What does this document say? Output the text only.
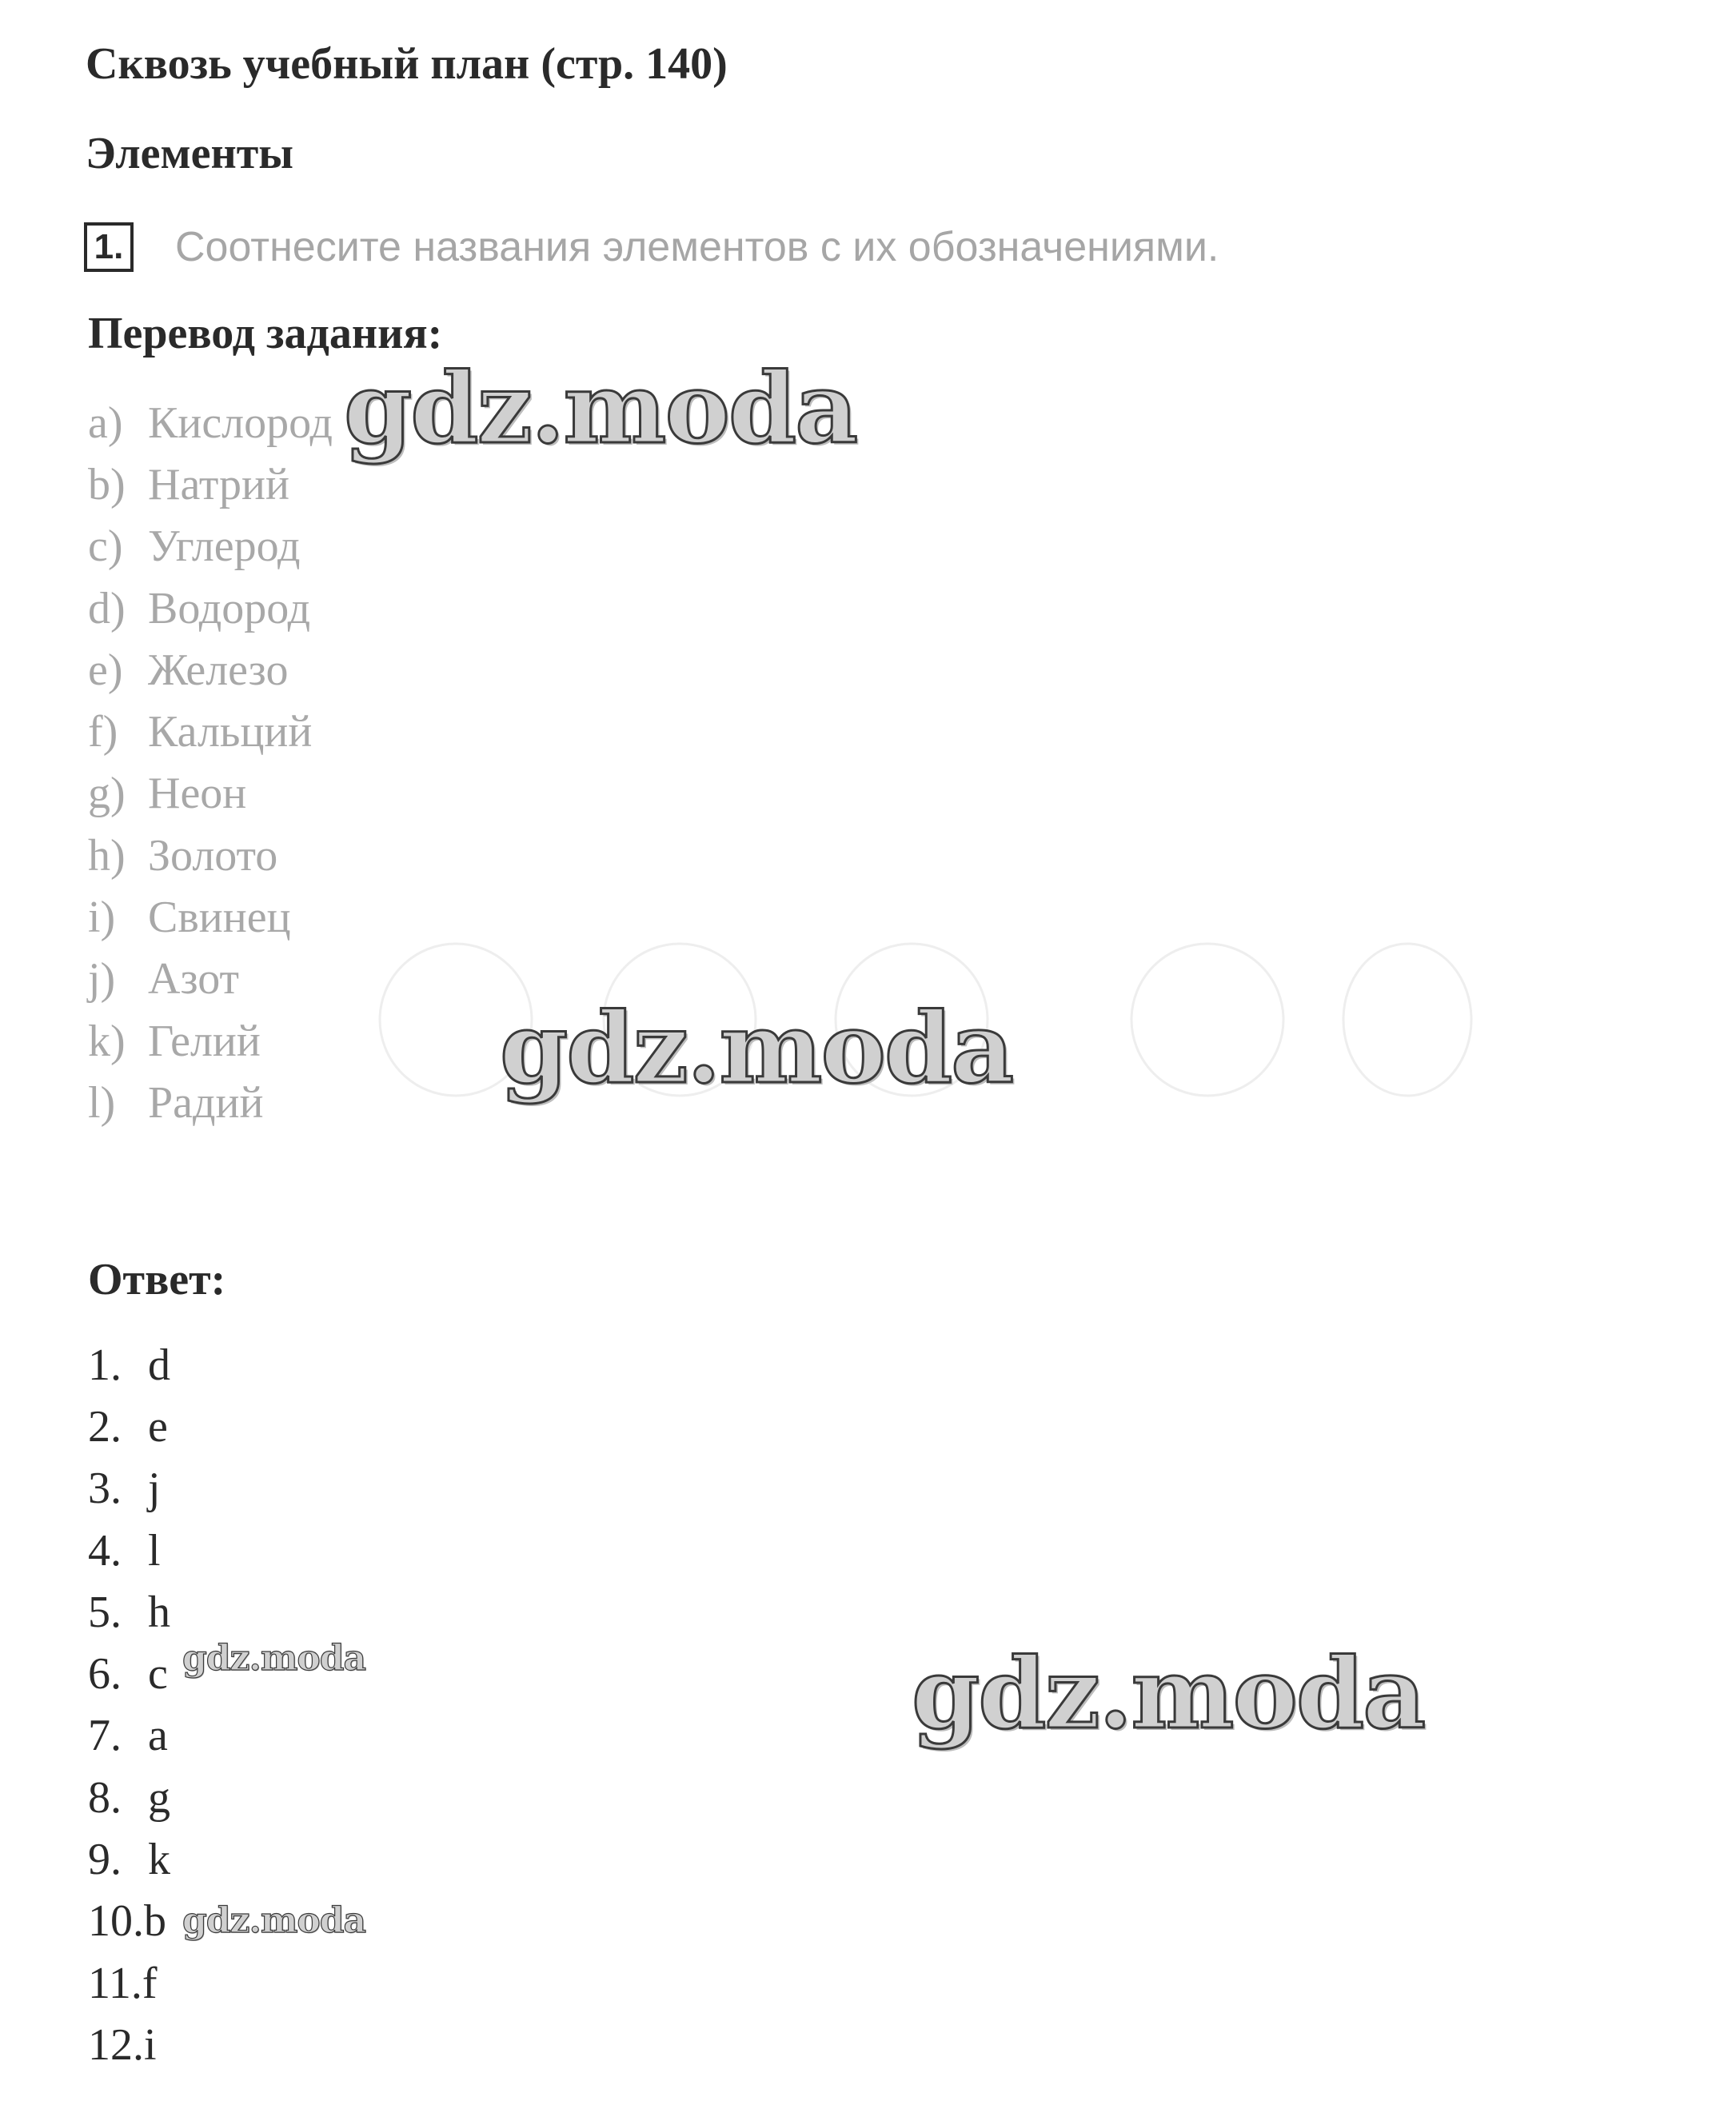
Сквозь учебный план (стр. 140)
Элементы
1. Соотнесите названия элементов с их обозначениями.
Перевод задания:
a) Кислород
b) Натрий
c) Углерод
d) Водород
e) Железо
f) Кальций
g) Неон
h) Золото
i) Свинец
j) Азот
k) Гелий
l) Радий
Ответ:
1. d
2. e
3. j
4. l
5. h
6. c
7. a
8. g
9. k
10. b
11. f
12. i
gdz.moda
gdz.moda
gdz.moda
gdz.moda
gdz.moda
